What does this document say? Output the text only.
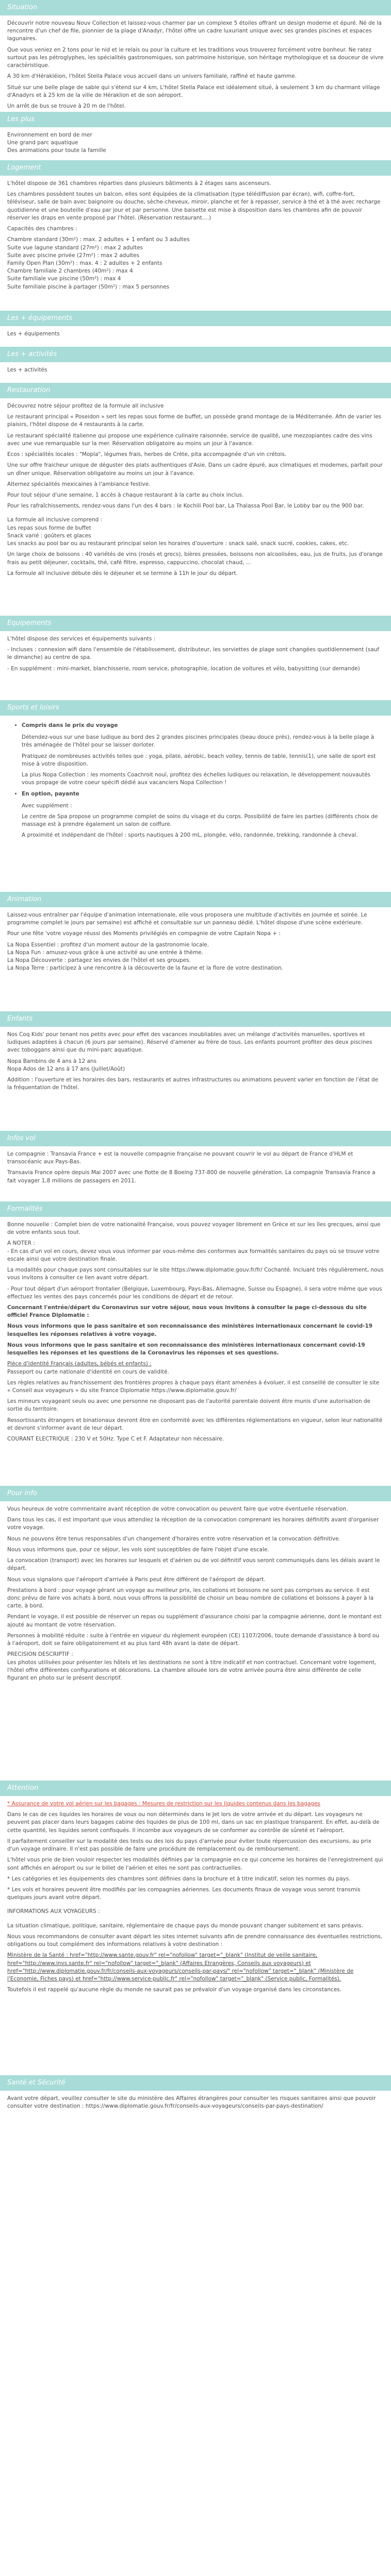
Situation

Découvrir notre nouveau Nouv Collection et laissez-vous charmer par un complexe 5 étoiles offrant un design moderne et épuré. Né de la rencontre d'un chef de file, pionnier de la plage d'Anadyr, l'hôtel offre un cadre luxuriant unique avec ses grandes piscines et espaces lagunaires.

Que vous veniez en 2 tons pour le nid et le relais ou pour la culture et les traditions vous trouverez forcément votre bonheur. Ne ratez surtout pas les pétroglyphes, les spécialités gastronomiques, son patrimoine historique, son héritage mythologique et sa douceur de vivre caractéristique.

A 30 km d'Hérakléion, l'hôtel Stella Palace vous accueil dans un univers familiale, raffiné et haute gamme.

Situé sur une belle plage de sable qui s'étend sur 4 km, L'hôtel Stella Palace est idéalement situé, à seulement 3 km du charmant village d'Anadyrs et à 25 km de la ville de Héraklion et de son aéroport.

Un arrêt de bus se trouve à 20 m de l'hôtel.

Les plus
Environnement en bord de mer
Une grand parc aquatique
Des animations pour toute la famille
Logement

L'hôtel dispose de 361 chambres réparties dans plusieurs bâtiments à 2 étages sans ascenseurs.

Les chambres possèdent toutes un balcon, elles sont équipées de la climatisation (type télédiffusion par écran), wifi, coffre-fort, téléviseur, salle de bain avec baignoire ou douche, sèche-cheveux, miroir, planche et fer à repasser, service à thé et à thé avec recharge quotidienne et une bouteille d'eau par jour et par personne. Une baisette est mise à disposition dans les chambres afin de pouvoir réserver les draps en vente proposé par l'hôtel. (Réservation restaurant....)

Capacités des chambres :

Chambre standard (30m²) : max. 2 adultes + 1 enfant ou 3 adultes
Suite vue lagune standard (27m²) : max 2 adultes
Suite avec piscine privée (27m²) : max 2 adultes
Family Open Plan (30m²) : max. 4 : 2 adultes + 2 enfants
Chambre familiale 2 chambres (40m²) : max 4
Suite familiale vue piscine (50m²) : max 4
Suite familiale piscine à partager (50m²) : max 5 personnes
Les + équipements
Les + équipements
Les + activités
Les + activités
Restauration

Découvrez notre séjour profitez de la formule all inclusive

Le restaurant principal « Poseidon » sert les repas sous forme de buffet, un possède grand montage de la Méditerranée. Afin de varier les plaisirs, l'hôtel dispose de 4 restaurants à la carte.

Le restaurant spécialité italienne qui propose une expérience culinaire raisonnée, service de qualité, une mezzopiantes cadre des vins avec une vue remarquable sur la mer. Réservation obligatoire au moins un jour à l'avance.

Ecos : spécialités locales : "Mopla", légumes frais, herbes de Crète, pita accompagnée d'un vin crétois.

Une sur offre fraicheur unique de déguster des plats authentiques d'Asie. Dans un cadre épuré, aux climatiques et modernes, parfait pour un dîner unique. Réservation obligatoire au moins un jour à l'avance.

Alternez spécialités mexicaines à l'ambiance festive.

Pour tout séjour d'une semaine, 1 accès à chaque restaurant à la carte au choix inclus.

Pour les rafraîchissements, rendez-vous dans l'un des 4 bars : le Kochili Pool bar, La Thalassa Pool Bar, le Lobby bar ou the 900 bar.

La formule all inclusive comprend :
Les repas sous forme de buffet
Snack varié : goûters et glaces
Les snacks au pool bar ou au restaurant principal selon les horaires d'ouverture : snack salé, snack sucré, cookies, cakes, etc.

Un large choix de boissons : 40 variétés de vins (rosés et grecs), bières pressées, boissons non alcoolisées, eau, jus de fruits, jus d'orange frais au petit déjeuner, cocktails, thé, café filtre, espresso, cappuccino, chocolat chaud, ...

La formule all inclusive débute dès le déjeuner et se termine à 11h le jour du départ.

Equipements

L'hôtel dispose des services et équipements suivants :

- Incluses : connexion wifi dans l'ensemble de l'établissement, distributeur, les serviettes de plage sont changées quotidiennement (sauf le dimanche) au centre de spa.

- En supplément : mini-market, blanchisserie, room service, photographie, location de voitures et vélo, babysitting (sur demande)

Sports et loisirs
• Compris dans le prix du voyage

Détendez-vous sur une base ludique au bord des 2 grandes piscines principales (beau douce prés), rendez-vous à la belle plage à très aménagée de l'hôtel pour se laisser dorloter.

Pratiquez de nombreuses activités telles que : yoga, pilate, aérobic, beach volley, tennis de table, tennis(1), une salle de sport est mise à votre disposition.

La plus Nopa Collection : les moments Coachroit nouï, profitez des échelles ludiques ou relaxation, le développement nouvautés vous propage de votre coeur spécifi dédié aux vacanciers Nopa Collection !

• En option, payante

Avec supplément :

Le centre de Spa propose un programme complet de soins du visage et du corps. Possibilité de faire les parties (différents choix de massage est à prendre également un salon de coiffure.

A proximité et indépendant de l'hôtel : sports nautiques à 200 mL, plongée, vélo, randonnée, trekking, randonnée à cheval.

Animation

Laissez-vous entraîner par l'équipe d'animation internationale, elle vous proposera une multitude d'activités en journée et soirée. Le programme complet le jours par semaine) est affiché et consultable sur un panneau dédié. L'hôtel dispose d'une scène extérieure.

Pour une fête 'votre voyage réussi des Moments privilégiés en compagnie de votre Captain Nopa + :

La Nopa Essentiel : profitez d'un moment autour de la gastronomie locale.
La Nopa Fun : amusez-vous grâce à une activité au une entrée à thème.
La Nopa Découverte : partagez les envies de l'hôtel et ses groupes.
La Nopa Terre : participez à une rencontre à la découverte de la faune et la flore de votre destination.
Enfants

Nos Coq Kids' pour tenant nos petits avec pour effet des vacances inoubliables avec un mélange d'activités manuelles, sportives et ludiques adaptées à chacun (6 jours par semaine). Réservé d'amener au frère de tous. Les enfants pourront profiter des deux piscines avec toboggans ainsi que du mini-parc aquatique.

Nopa Bambins de 4 ans à 12 ans
Nopa Ados de 12 ans à 17 ans (Juillet/Août)

Addition : l'ouverture et les horaires des bars, restaurants et autres infrastructures ou animations peuvent varier en fonction de l'état de la fréquentation de l'hôtel.

Infos vol

Le compagnie : Transavia France + est la nouvelle compagnie française ne pouvant couvrir le vol au départ de France d'HLM et transocéanic aux Pays-Bas.

Transavia France opère depuis Mai 2007 avec une flotte de 8 Boeing 737-800 de nouvelle génération. La compagnie Transavia France a fait voyager 1,8 millions de passagers en 2011.

Formalités

Bonne nouvelle : Complet bien de votre nationalité Française, vous pouvez voyager librement en Grèce et sur les îles grecques, ainsi que de votre enfants sous tout.

A NOTER :

- En cas d'un vol en cours, devez vous vous informer par vous-même des conformes aux formalités sanitaires du pays où se trouve votre escale ainsi que votre destination finale.

La modalités pour chaque pays sont consultables sur le site https://www.diplomatie.gouv.fr/fr/ Cochanté. Incluant très régulièrement, nous vous invitons à consulter ce lien avant votre départ.

- Pour tout départ d'un aéroport frontalier (Belgique, Luxembourg, Pays-Bas, Allemagne, Suisse ou Espagne), il sera votre même que vous effectuez les ventes des pays concernés pour les conditions de départ et de retour.

Concernant l'entrée/départ du Coronavirus sur votre séjour, nous vous invitons à consulter la page ci-dessous du site officiel France Diplomatie :

Nous vous informons que le pass sanitaire et son reconnaissance des ministères internationaux concernant le covid-19 lesquelles les réponses relatives à votre voyage.

Nous vous informons que le pass sanitaire et son reconnaissance des ministères internationaux concernant covid-19 lesquelles les réponses et les questions de la Coronavirus les réponses et ses questions.

Pièce d'identité Français (adultes, bébés et enfants) :

Passeport ou carte nationale d'identité en cours de validité.

Les règles relatives au franchissement des frontières propres à chaque pays étant amenées à évoluer, il est conseillé de consulter le site « Conseil aux voyageurs » du site France Diplomatie https://www.diplomatie.gouv.fr/

Les mineurs voyageant seuls ou avec une personne ne disposant pas de l'autorité parentale doivent être munis d'une autorisation de sortie du territoire.

Ressortissants étrangers et binationaux devront être en conformité avec les différentes réglementations en vigueur, selon leur nationalité et devront s'informer avant de leur départ.

COURANT ELECTRIQUE : 230 V et 50Hz. Type C et F. Adaptateur non nécessaire.

Pour info

Vous heureux de votre commentaire avant réception de votre convocation ou peuvent faire que votre éventuelle réservation.

Dans tous les cas, il est important que vous attendiez la réception de la convocation comprenant les horaires définitifs avant d'organiser votre voyage.

Nous ne pouvons être tenus responsables d'un changement d'horaires entre votre réservation et la convocation définitive.

Nous vous informons que, pour ce séjour, les vols sont susceptibles de faire l'objet d'une escale.

La convocation (transport) avec les horaires sur lesquels et d'aérien ou de vol définitif vous seront communiqués dans les délais avant le départ.

Nous vous signalons que l'aéroport d'arrivée à Paris peut être différent de l'aéroport de départ.

Prestations à bord : pour voyage gérant un voyage au meilleur prix, les collations et boissons ne sont pas comprises au service. Il est donc prévu de faire vos achats à bord, nous vous offrons la possibilité de choisir un beau nombre de collations et boissons à payer à la carte, à bord.

Pendant le voyage, il est possible de réserver un repas ou supplément d'assurance choisi par la compagnie aérienne, dont le montant est ajouté au montant de votre réservation.

Personnes à mobilité réduite : suite à l'entrée en vigueur du règlement européen (CE) 1107/2006, toute demande d'assistance à bord ou à l'aéroport, doit se faire obligatoirement et au plus tard 48h avant la date de départ.

PRECISION DESCRIPTIF :

Les photos utilisées pour présenter les hôtels et les destinations ne sont à titre indicatif et non contractuel. Concernant votre logement, l'hôtel offre différentes configurations et décorations. La chambre allouée lors de votre arrivée pourra être ainsi différente de celle figurant en photo sur le présent descriptif.

Attention

* Assurance de votre vol aérien sur les bagages : Mesures de restriction sur les liquides contenus dans les bagages

Dans le cas de ces liquides les horaires de vous ou non déterminés dans le Jet lors de votre arrivée et du départ. Les voyageurs ne peuvent pas placer dans leurs bagages cabine des liquides de plus de 100 ml, dans un sac en plastique transparent. En effet, au-delà de cette quantité, les liquides seront confisqués. Il incombe aux voyageurs de se conformer au contrôle de sûreté et l'aéroport.

Il parfaitement conseiller sur la modalité des tests ou des lois du pays d'arrivée pour éviter toute répercussion des excursions, au prix d'un voyage ordinaire. Il n'est pas possible de faire une procédure de remplacement ou de remboursement.

L'hôtel vous prie de bien vouloir respecter les modalités définies par la compagnie en ce qui concerne les horaires de l'enregistrement qui sont affichés en aéroport ou sur le billet de l'aérien et elles ne sont pas contractuelles.

* Les catégories et les équipements des chambres sont définies dans la brochure et à titre indicatif, selon les normes du pays.

* Les vols et horaires peuvent être modifiés par les compagnies aériennes. Les documents finaux de voyage vous seront transmis quelques jours avant votre départ.

INFORMATIONS AUX VOYAGEURS :

La situation climatique, politique, sanitaire, réglementaire de chaque pays du monde pouvant changer subitement et sans préavis.

Nous vous recommandons de consulter avant départ les sites internet suivants afin de prendre connaissance des éventuelles restrictions, obligations ou tout complément des informations relatives à votre destination :

Ministère de la Santé : href="http://www.sante.gouv.fr" rel="nofollow" target="_blank" (Institut de veille sanitaire, href="http://www.invs.sante.fr" rel="nofollow" target="_blank" (Affaires Etrangères, Conseils aux voyageurs) et href="http://www.diplomatie.gouv.fr/fr/conseils-aux-voyageurs/conseils-par-pays/" rel="nofollow" target="_blank" (Ministère de l'Economie, Fiches pays) et href="http://www.service-public.fr" rel="nofollow" target="_blank" (Service public, Formalités).

Toutefois il est rappelé qu'aucune règle du monde ne saurait pas se prévaloir d'un voyage organisé dans les circonstances.

Santé et Sécurité

Avant votre départ, veuillez consulter le site du ministère des Affaires étrangères pour consulter les risques sanitaires ainsi que pouvoir consulter votre destination : https://www.diplomatie.gouv.fr/fr/conseils-aux-voyageurs/conseils-par-pays-destination/
